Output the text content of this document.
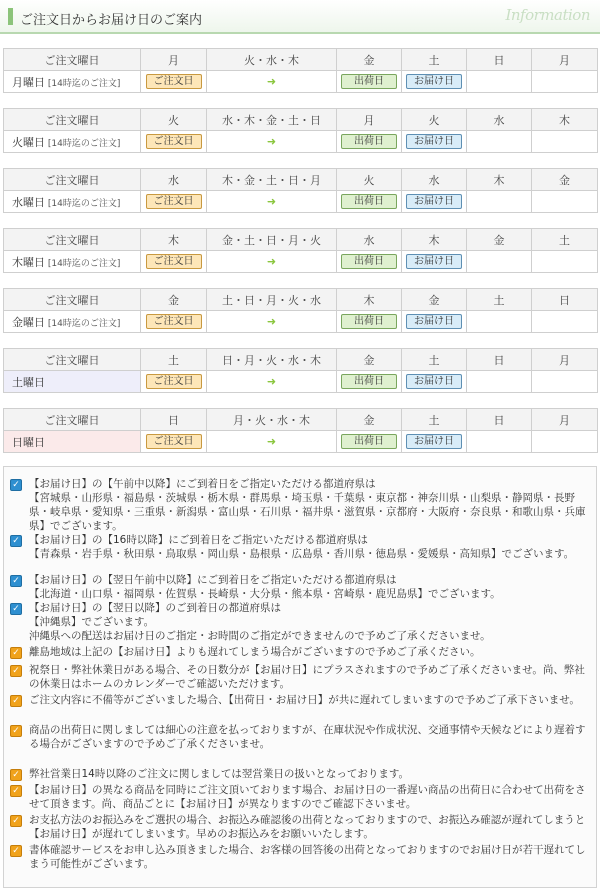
ご注文日からお届け日のご案内	Information
ご注文曜日	月	火・水・木	金	土	日	月
月曜日 [14時迄のご注文]	ご注文日	➜	出荷日	お届け日		
ご注文曜日	火	水・木・金・土・日	月	火	水	木
火曜日 [14時迄のご注文]	ご注文日	➜	出荷日	お届け日		
ご注文曜日	水	木・金・土・日・月	火	水	木	金
水曜日 [14時迄のご注文]	ご注文日	➜	出荷日	お届け日		
ご注文曜日	木	金・土・日・月・火	水	木	金	土
木曜日 [14時迄のご注文]	ご注文日	➜	出荷日	お届け日		
ご注文曜日	金	土・日・月・火・水	木	金	土	日
金曜日 [14時迄のご注文]	ご注文日	➜	出荷日	お届け日		
ご注文曜日	土	日・月・火・水・木	金	土	日	月
土曜日	ご注文日	➜	出荷日	お届け日		
ご注文曜日	日	月・火・水・木	金	土	日	月
日曜日	ご注文日	➜	出荷日	お届け日		
✓ 【お届け日】の【午前中以降】にご到着日をご指定いただける都道府県は
【宮城県・山形県・福島県・茨城県・栃木県・群馬県・埼玉県・千葉県・東京都・神奈川県・山梨県・静岡県・長野県・岐阜県・愛知県・三重県・新潟県・富山県・石川県・福井県・滋賀県・京都府・大阪府・奈良県・和歌山県・兵庫県】でございます。
✓ 【お届け日】の【16時以降】にご到着日をご指定いただける都道府県は
【青森県・岩手県・秋田県・鳥取県・岡山県・島根県・広島県・香川県・徳島県・愛媛県・高知県】でございます。
✓ 【お届け日】の【翌日午前中以降】にご到着日をご指定いただける都道府県は
【北海道・山口県・福岡県・佐賀県・長崎県・大分県・熊本県・宮崎県・鹿児島県】でございます。
✓ 【お届け日】の【翌日以降】のご到着日の都道府県は
【沖縄県】でございます。
沖縄県への配送はお届け日のご指定・お時間のご指定ができませんので予めご了承くださいませ。
✓ 離島地域は上記の【お届け日】よりも遅れてしまう場合がございますので予めご了承ください。
✓ 祝祭日・弊社休業日がある場合、その日数分が【お届け日】にプラスされますので予めご了承くださいませ。尚、弊社の休業日はホームのカレンダーでご確認いただけます。
✓ ご注文内容に不備等がございました場合、【出荷日・お届け日】が共に遅れてしまいますので予めご了承下さいませ。
✓ 商品の出荷日に関しましては細心の注意を払っておりますが、在庫状況や作成状況、交通事情や天候などにより遅着する場合がございますので予めご了承くださいませ。
✓ 弊社営業日14時以降のご注文に関しましては翌営業日の扱いとなっております。
✓ 【お届け日】の異なる商品を同時にご注文頂いております場合、お届け日の一番遅い商品の出荷日に合わせて出荷をさせて頂きます。尚、商品ごとに【お届け日】が異なりますのでご確認下さいませ。
✓ お支払方法のお振込みをご選択の場合、お振込み確認後の出荷となっておりますので、お振込み確認が遅れてしまうと【お届け日】が遅れてしまいます。早めのお振込みをお願いいたします。
✓ 書体確認サービスをお申し込み頂きました場合、お客様の回答後の出荷となっておりますのでお届け日が若干遅れてしまう可能性がございます。
